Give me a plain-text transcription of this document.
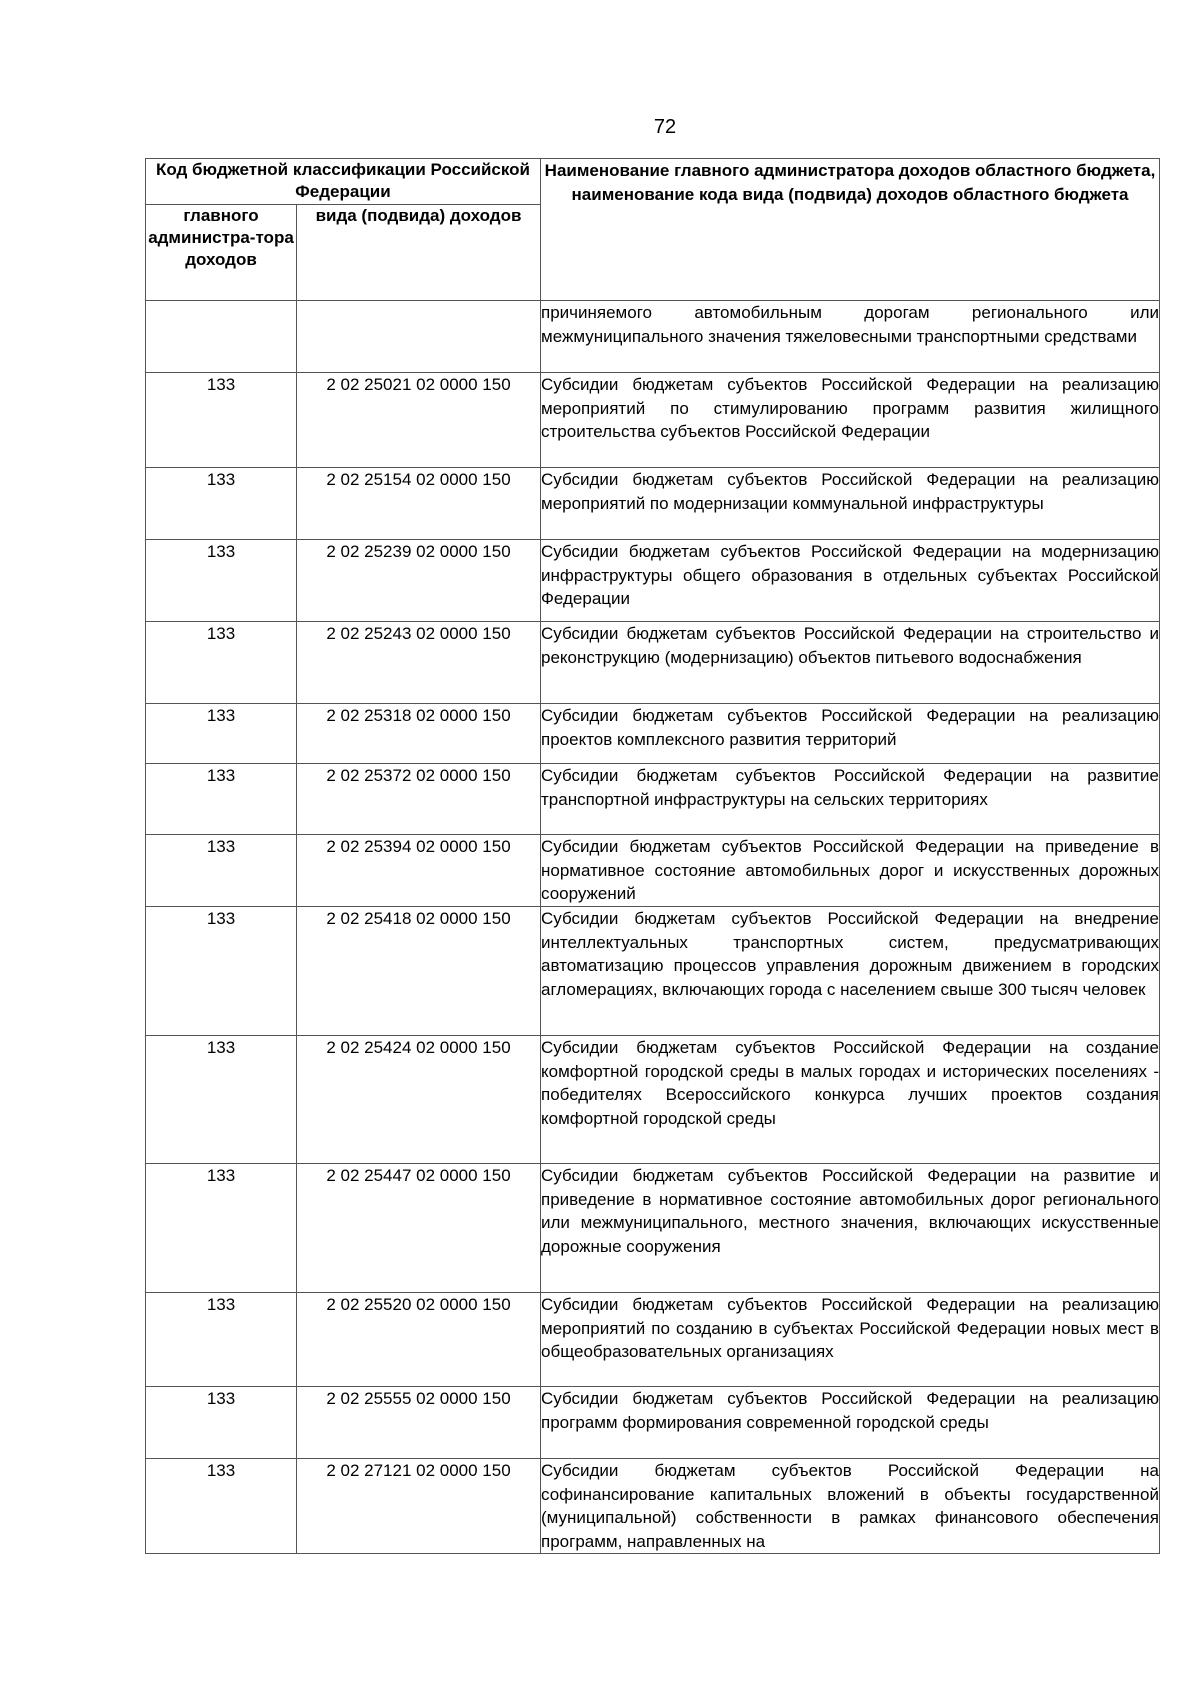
72
Код бюджетной классификации Российской Федерации		Наименование главного администратора доходов областного бюджета, наименование кода вида (подвида) доходов областного бюджета
главного администра-тора доходов	вида (подвида) доходов	
		причиняемого автомобильным дорогам регионального или межмуниципального значения тяжеловесными транспортными средствами
133	2 02 25021 02 0000 150	Субсидии бюджетам субъектов Российской Федерации на реализацию мероприятий по стимулированию программ развития жилищного строительства субъектов Российской Федерации
133	2 02 25154 02 0000 150	Субсидии бюджетам субъектов Российской Федерации на реализацию мероприятий по модернизации коммунальной инфраструктуры
133	2 02 25239 02 0000 150	Субсидии бюджетам субъектов Российской Федерации на модернизацию инфраструктуры общего образования в отдельных субъектах Российской Федерации
133	2 02 25243 02 0000 150	Субсидии бюджетам субъектов Российской Федерации на строительство и реконструкцию (модернизацию) объектов питьевого водоснабжения
133	2 02 25318 02 0000 150	Субсидии бюджетам субъектов Российской Федерации на реализацию проектов комплексного развития территорий
133	2 02 25372 02 0000 150	Субсидии бюджетам субъектов Российской Федерации на развитие транспортной инфраструктуры на сельских территориях
133	2 02 25394 02 0000 150	Субсидии бюджетам субъектов Российской Федерации на приведение в нормативное состояние автомобильных дорог и искусственных дорожных сооружений
133	2 02 25418 02 0000 150	Субсидии бюджетам субъектов Российской Федерации на внедрение интеллектуальных транспортных систем, предусматривающих автоматизацию процессов управления дорожным движением в городских агломерациях, включающих города с населением свыше 300 тысяч человек
133	2 02 25424 02 0000 150	Субсидии бюджетам субъектов Российской Федерации на создание комфортной городской среды в малых городах и исторических поселениях - победителях Всероссийского конкурса лучших проектов создания комфортной городской среды
133	2 02 25447 02 0000 150	Субсидии бюджетам субъектов Российской Федерации на развитие и приведение в нормативное состояние автомобильных дорог регионального или межмуниципального, местного значения, включающих искусственные дорожные сооружения
133	2 02 25520 02 0000 150	Субсидии бюджетам субъектов Российской Федерации на реализацию мероприятий по созданию в субъектах Российской Федерации новых мест в общеобразовательных организациях
133	2 02 25555 02 0000 150	Субсидии бюджетам субъектов Российской Федерации на реализацию программ формирования современной городской среды
133	2 02 27121 02 0000 150	Субсидии бюджетам субъектов Российской Федерации на софинансирование капитальных вложений в объекты государственной (муниципальной) собственности в рамках финансового обеспечения программ, направленных на
